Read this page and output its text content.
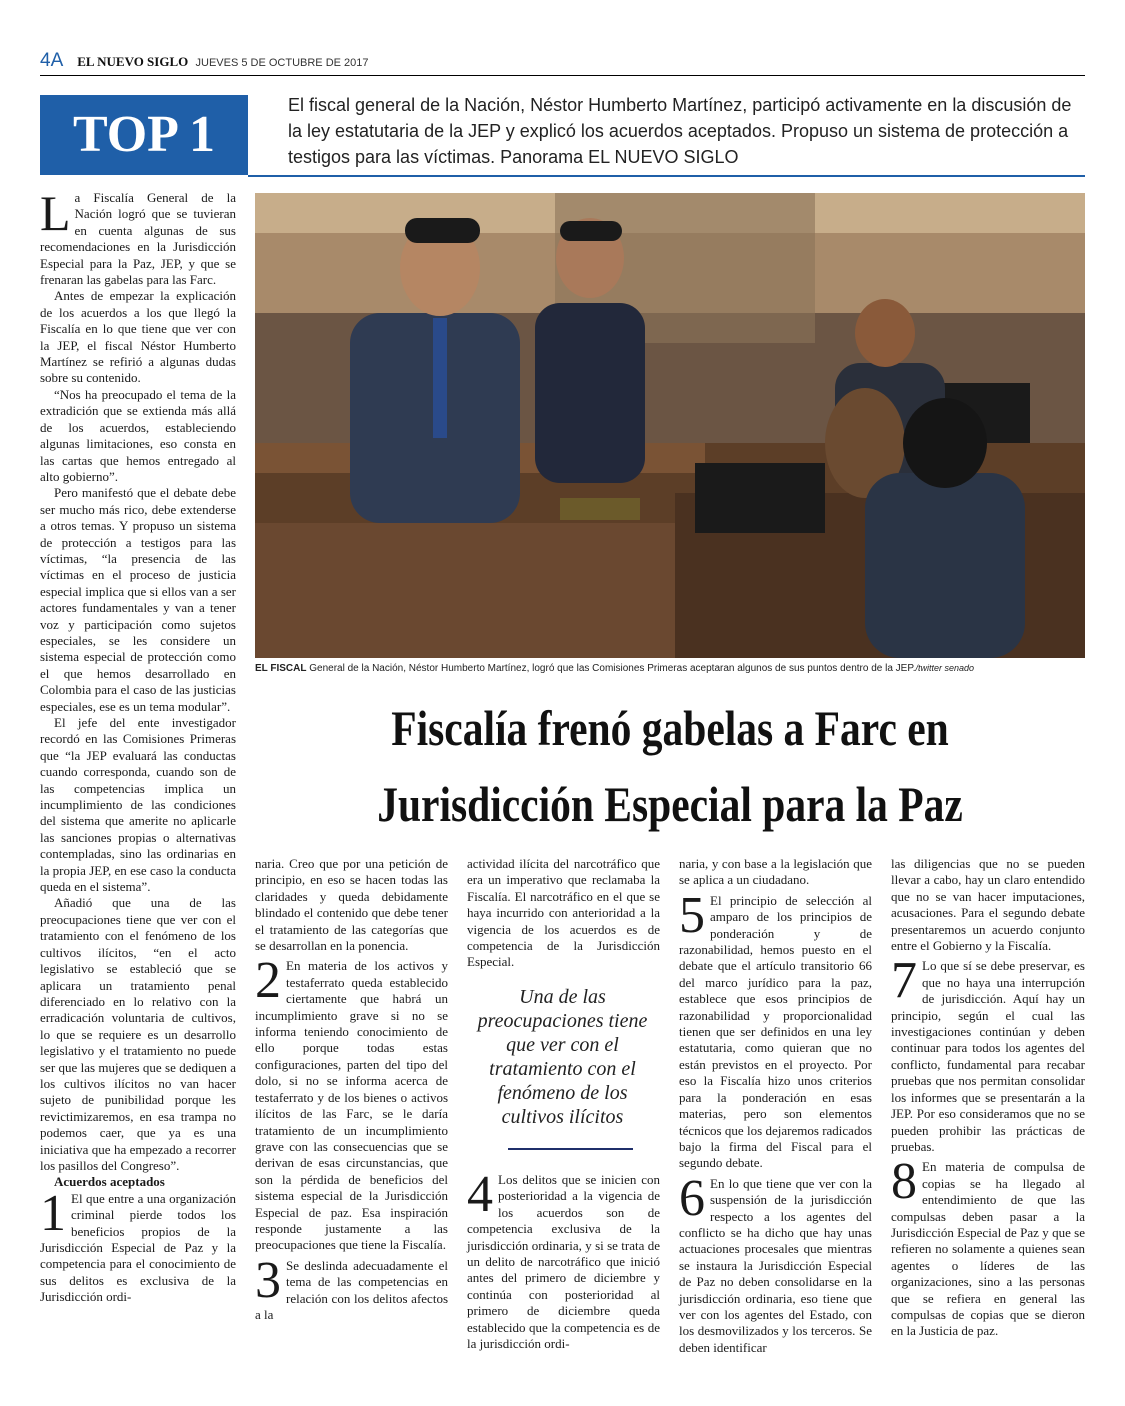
4A EL NUEVO SIGLO JUEVES 5 DE OCTUBRE DE 2017
TOP 1
El fiscal general de la Nación, Néstor Humberto Martínez, participó activamente en la discusión de la ley estatutaria de la JEP y explicó los acuerdos aceptados. Propuso un sistema de protección a testigos para las víctimas. Panorama EL NUEVO SIGLO
EL FISCAL General de la Nación, Néstor Humberto Martínez, logró que las Comisiones Primeras aceptaran algunos de sus puntos dentro de la JEP./twitter senado
Fiscalía frenó gabelas a Farc en
Jurisdicción Especial para la Paz

La Fiscalía General de la Nación logró que se tuvieran en cuenta algunas de sus recomendaciones en la Jurisdicción Especial para la Paz, JEP, y que se frenaran las gabelas para las Farc.

Antes de empezar la explicación de los acuerdos a los que llegó la Fiscalía en lo que tiene que ver con la JEP, el fiscal Néstor Humberto Martínez se refirió a algunas dudas sobre su contenido.

“Nos ha preocupado el tema de la extradición que se extienda más allá de los acuerdos, estableciendo algunas limitaciones, eso consta en las cartas que hemos entregado al alto gobierno”.

Pero manifestó que el debate debe ser mucho más rico, debe extenderse a otros temas. Y propuso un sistema de protección a testigos para las víctimas, “la presencia de las víctimas en el proceso de justicia especial implica que si ellos van a ser actores fundamentales y van a tener voz y participación como sujetos especiales, se les considere un sistema especial de protección como el que hemos desarrollado en Colombia para el caso de las justicias especiales, ese es un tema modular”.

El jefe del ente investigador recordó en las Comisiones Primeras que “la JEP evaluará las conductas cuando corresponda, cuando son de las competencias implica un incumplimiento de las condiciones del sistema que amerite no aplicarle las sanciones propias o alternativas contempladas, sino las ordinarias en la propia JEP, en ese caso la conducta queda en el sistema”.

Añadió que una de las preocupaciones tiene que ver con el tratamiento con el fenómeno de los cultivos ilícitos, “en el acto legislativo se estableció que se aplicara un tratamiento penal diferenciado en lo relativo con la erradicación voluntaria de cultivos, lo que se requiere es un desarrollo legislativo y el tratamiento no puede ser que las mujeres que se dediquen a los cultivos ilícitos no van hacer sujeto de punibilidad porque les revictimizaremos, en esa trampa no podemos caer, que ya es una iniciativa que ha empezado a recorrer los pasillos del Congreso”.

Acuerdos aceptados

1 El que entre a una organización criminal pierde todos los beneficios propios de la Jurisdicción Especial de Paz y la competencia para el conocimiento de sus delitos es exclusiva de la Jurisdicción ordi-

naria. Creo que por una petición de principio, en eso se hacen todas las claridades y queda debidamente blindado el contenido que debe tener el tratamiento de las categorías que se desarrollan en la ponencia.

2 En materia de los activos y testaferrato queda establecido ciertamente que habrá un incumplimiento grave si no se informa teniendo conocimiento de ello porque todas estas configuraciones, parten del tipo del dolo, si no se informa acerca de testaferrato y de los bienes o activos ilícitos de las Farc, se le daría tratamiento de un incumplimiento grave con las consecuencias que se derivan de esas circunstancias, que son la pérdida de beneficios del sistema especial de la Jurisdicción Especial de paz. Esa inspiración responde justamente a las preocupaciones que tiene la Fiscalía.

3 Se deslinda adecuadamente el tema de las competencias en relación con los delitos afectos a la

actividad ilícita del narcotráfico que era un imperativo que reclamaba la Fiscalía. El narcotráfico en el que se haya incurrido con anterioridad a la vigencia de los acuerdos es de competencia de la Jurisdicción Especial.

Una de las preocupaciones tiene que ver con el tratamiento con el fenómeno de los cultivos ilícitos

4 Los delitos que se inicien con posterioridad a la vigencia de los acuerdos son de competencia exclusiva de la jurisdicción ordinaria, y si se trata de un delito de narcotráfico que inició antes del primero de diciembre y continúa con posterioridad al primero de diciembre queda establecido que la competencia es de la jurisdicción ordi-

naria, y con base a la legislación que se aplica a un ciudadano.

5 El principio de selección al amparo de los principios de ponderación y de razonabilidad, hemos puesto en el debate que el artículo transitorio 66 del marco jurídico para la paz, establece que esos principios de razonabilidad y proporcionalidad tienen que ser definidos en una ley estatutaria, como quieran que no están previstos en el proyecto. Por eso la Fiscalía hizo unos criterios para la ponderación en esas materias, pero son elementos técnicos que los dejaremos radicados bajo la firma del Fiscal para el segundo debate.

6 En lo que tiene que ver con la suspensión de la jurisdicción respecto a los agentes del conflicto se ha dicho que hay unas actuaciones procesales que mientras se instaura la Jurisdicción Especial de Paz no deben consolidarse en la jurisdicción ordinaria, eso tiene que ver con los agentes del Estado, con los desmovilizados y los terceros. Se deben identificar

las diligencias que no se pueden llevar a cabo, hay un claro entendido que no se van hacer imputaciones, acusaciones. Para el segundo debate presentaremos un acuerdo conjunto entre el Gobierno y la Fiscalía.

7 Lo que sí se debe preservar, es que no haya una interrupción de jurisdicción. Aquí hay un principio, según el cual las investigaciones continúan y deben continuar para todos los agentes del conflicto, fundamental para recabar pruebas que nos permitan consolidar los informes que se presentarán a la JEP. Por eso consideramos que no se pueden prohibir las prácticas de pruebas.

8 En materia de compulsa de copias se ha llegado al entendimiento de que las compulsas deben pasar a la Jurisdicción Especial de Paz y que se refieren no solamente a quienes sean agentes o líderes de las organizaciones, sino a las personas que se refiera en general las compulsas de copias que se dieron en la Justicia de paz.
